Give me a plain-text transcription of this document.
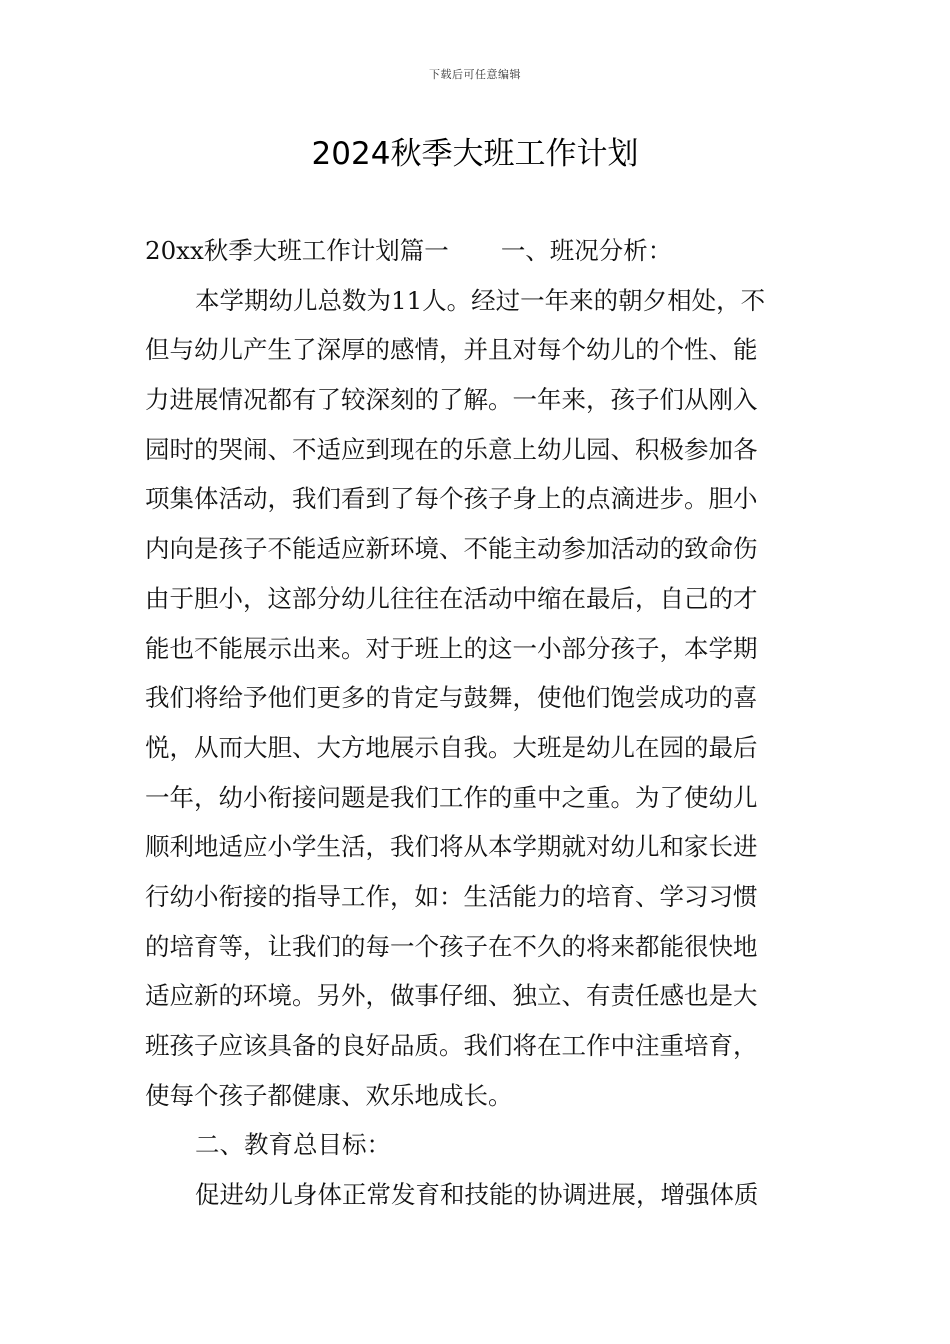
下载后可任意编辑
2024秋季大班工作计划
20xx秋季大班工作计划篇一 一、班况分析：
本学期幼儿总数为11人。经过一年来的朝夕相处，不
但与幼儿产生了深厚的感情，并且对每个幼儿的个性、能
力进展情况都有了较深刻的了解。一年来，孩子们从刚入
园时的哭闹、不适应到现在的乐意上幼儿园、积极参加各
项集体活动，我们看到了每个孩子身上的点滴进步。胆小
内向是孩子不能适应新环境、不能主动参加活动的致命伤
由于胆小，这部分幼儿往往在活动中缩在最后，自己的才
能也不能展示出来。对于班上的这一小部分孩子，本学期
我们将给予他们更多的肯定与鼓舞，使他们饱尝成功的喜
悦，从而大胆、大方地展示自我。大班是幼儿在园的最后
一年，幼小衔接问题是我们工作的重中之重。为了使幼儿
顺利地适应小学生活，我们将从本学期就对幼儿和家长进
行幼小衔接的指导工作，如：生活能力的培育、学习习惯
的培育等，让我们的每一个孩子在不久的将来都能很快地
适应新的环境。另外，做事仔细、独立、有责任感也是大
班孩子应该具备的良好品质。我们将在工作中注重培育，
使每个孩子都健康、欢乐地成长。
二、教育总目标：
促进幼儿身体正常发育和技能的协调进展，增强体质
